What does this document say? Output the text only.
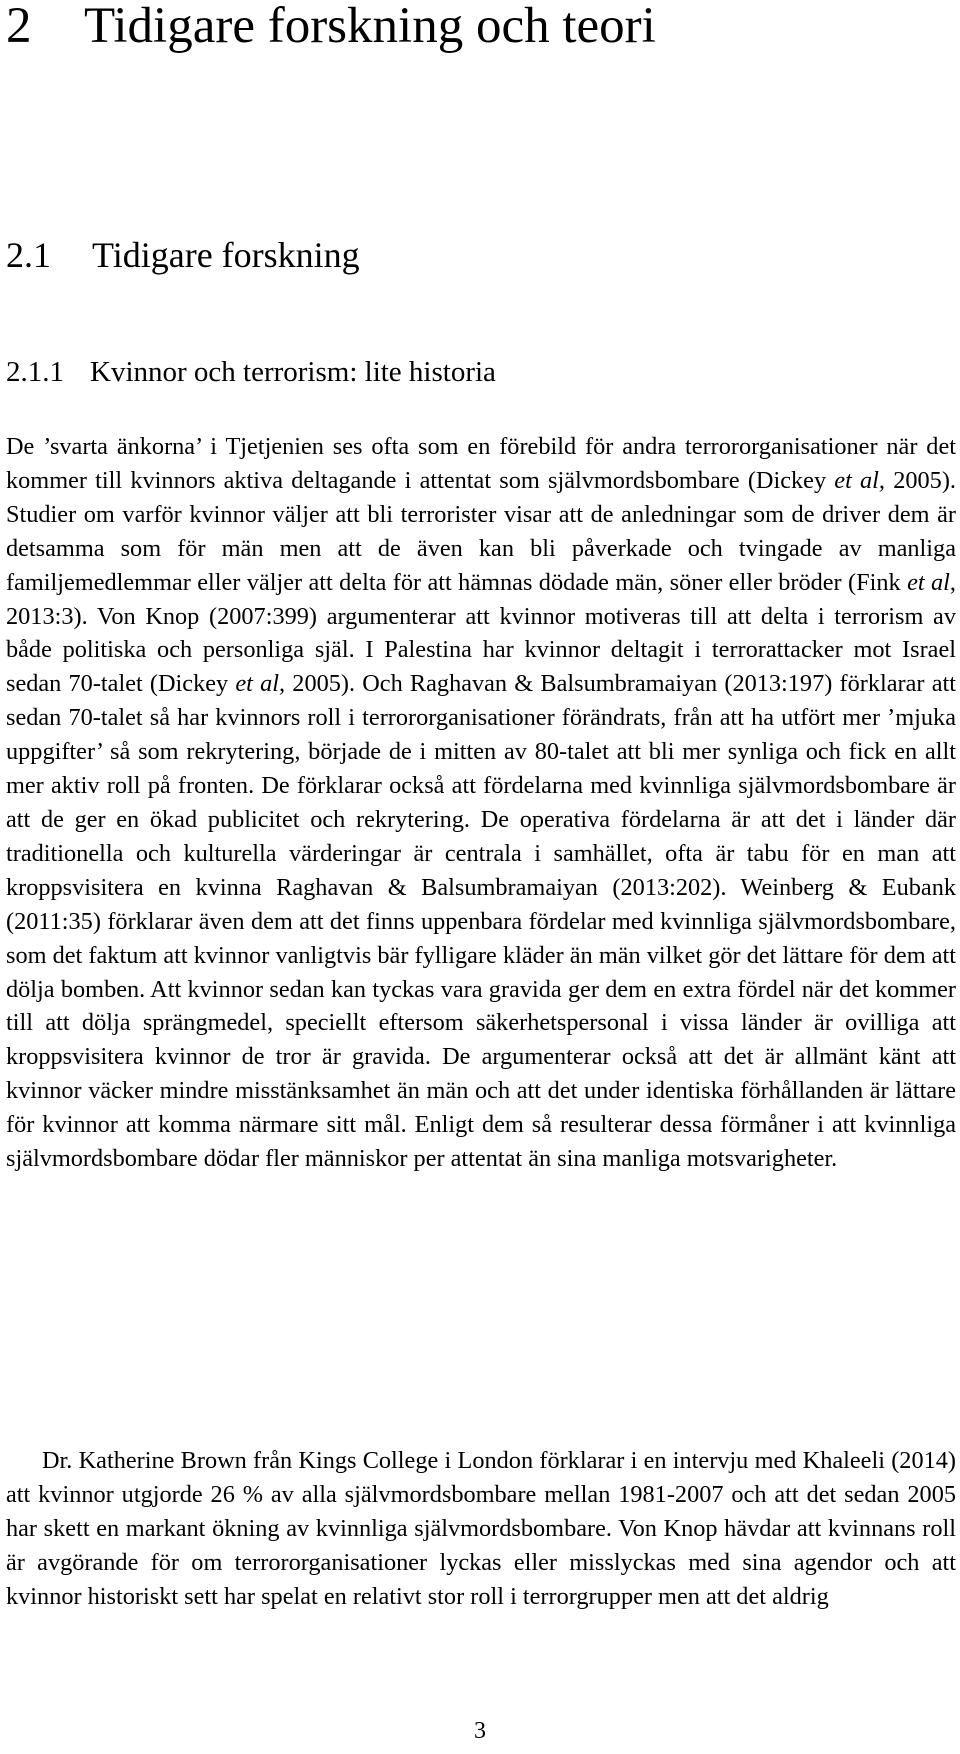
2 Tidigare forskning och teori
2.1 Tidigare forskning
2.1.1 Kvinnor och terrorism: lite historia

De ’svarta änkorna’ i Tjetjenien ses ofta som en förebild för andra terrororganisationer när det kommer till kvinnors aktiva deltagande i attentat som självmordsbombare (Dickey et al, 2005). Studier om varför kvinnor väljer att bli terrorister visar att de anledningar som de driver dem är detsamma som för män men att de även kan bli påverkade och tvingade av manliga familjemedlemmar eller väljer att delta för att hämnas dödade män, söner eller bröder (Fink et al, 2013:3). Von Knop (2007:399) argumenterar att kvinnor motiveras till att delta i terrorism av både politiska och personliga själ. I Palestina har kvinnor deltagit i terrorattacker mot Israel sedan 70-talet (Dickey et al, 2005). Och Raghavan & Balsumbramaiyan (2013:197) förklarar att sedan 70-talet så har kvinnors roll i terrororganisationer förändrats, från att ha utfört mer ’mjuka uppgifter’ så som rekrytering, började de i mitten av 80-talet att bli mer synliga och fick en allt mer aktiv roll på fronten. De förklarar också att fördelarna med kvinnliga självmordsbombare är att de ger en ökad publicitet och rekrytering. De operativa fördelarna är att det i länder där traditionella och kulturella värderingar är centrala i samhället, ofta är tabu för en man att kroppsvisitera en kvinna Raghavan & Balsumbramaiyan (2013:202). Weinberg & Eubank (2011:35) förklarar även dem att det finns uppenbara fördelar med kvinnliga självmordsbombare, som det faktum att kvinnor vanligtvis bär fylligare kläder än män vilket gör det lättare för dem att dölja bomben. Att kvinnor sedan kan tyckas vara gravida ger dem en extra fördel när det kommer till att dölja sprängmedel, speciellt eftersom säkerhetspersonal i vissa länder är ovilliga att kroppsvisitera kvinnor de tror är gravida. De argumenterar också att det är allmänt känt att kvinnor väcker mindre misstänksamhet än män och att det under identiska förhållanden är lättare för kvinnor att komma närmare sitt mål. Enligt dem så resulterar dessa förmåner i att kvinnliga självmordsbombare dödar fler människor per attentat än sina manliga motsvarigheter.

Dr. Katherine Brown från Kings College i London förklarar i en intervju med Khaleeli (2014) att kvinnor utgjorde 26 % av alla självmordsbombare mellan 1981-2007 och att det sedan 2005 har skett en markant ökning av kvinnliga självmordsbombare. Von Knop hävdar att kvinnans roll är avgörande för om terrororganisationer lyckas eller misslyckas med sina agendor och att kvinnor historiskt sett har spelat en relativt stor roll i terrorgrupper men att det aldrig

3
